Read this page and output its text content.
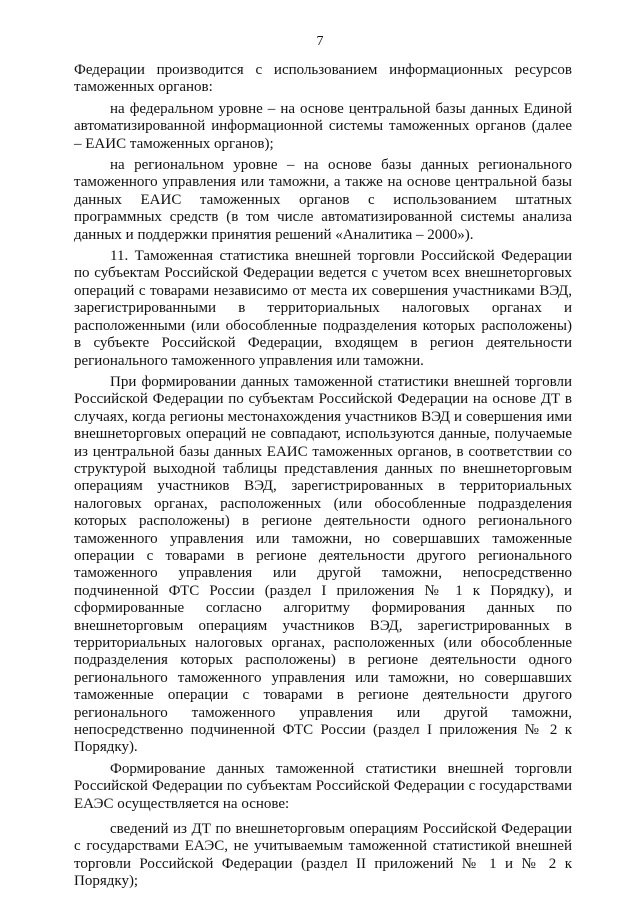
7

Федерации производится с использованием информационных ресурсов таможенных органов:

на федеральном уровне – на основе центральной базы данных Единой автоматизированной информационной системы таможенных органов (далее – ЕАИС таможенных органов);

на региональном уровне – на основе базы данных регионального таможенного управления или таможни, а также на основе центральной базы данных ЕАИС таможенных органов с использованием штатных программных средств (в том числе автоматизированной системы анализа данных и поддержки принятия решений «Аналитика – 2000»).

11. Таможенная статистика внешней торговли Российской Федерации по субъектам Российской Федерации ведется с учетом всех внешнеторговых операций с товарами независимо от места их совершения участниками ВЭД, зарегистрированными в территориальных налоговых органах и расположенными (или обособленные подразделения которых расположены) в субъекте Российской Федерации, входящем в регион деятельности регионального таможенного управления или таможни.

При формировании данных таможенной статистики внешней торговли Российской Федерации по субъектам Российской Федерации на основе ДТ в случаях, когда регионы местонахождения участников ВЭД и совершения ими внешнеторговых операций не совпадают, используются данные, получаемые из центральной базы данных ЕАИС таможенных органов, в соответствии со структурой выходной таблицы представления данных по внешнеторговым операциям участников ВЭД, зарегистрированных в территориальных налоговых органах, расположенных (или обособленные подразделения которых расположены) в регионе деятельности одного регионального таможенного управления или таможни, но совершавших таможенные операции с товарами в регионе деятельности другого регионального таможенного управления или другой таможни, непосредственно подчиненной ФТС России (раздел I приложения № 1 к Порядку), и сформированные согласно алгоритму формирования данных по внешнеторговым операциям участников ВЭД, зарегистрированных в территориальных налоговых органах, расположенных (или обособленные подразделения которых расположены) в регионе деятельности одного регионального таможенного управления или таможни, но совершавших таможенные операции с товарами в регионе деятельности другого регионального таможенного управления или другой таможни, непосредственно подчиненной ФТС России (раздел I приложения № 2 к Порядку).

Формирование данных таможенной статистики внешней торговли Российской Федерации по субъектам Российской Федерации с государствами ЕАЭС осуществляется на основе:

сведений из ДТ по внешнеторговым операциям Российской Федерации с государствами ЕАЭС, не учитываемым таможенной статистикой внешней торговли Российской Федерации (раздел II приложений № 1 и № 2 к Порядку);
